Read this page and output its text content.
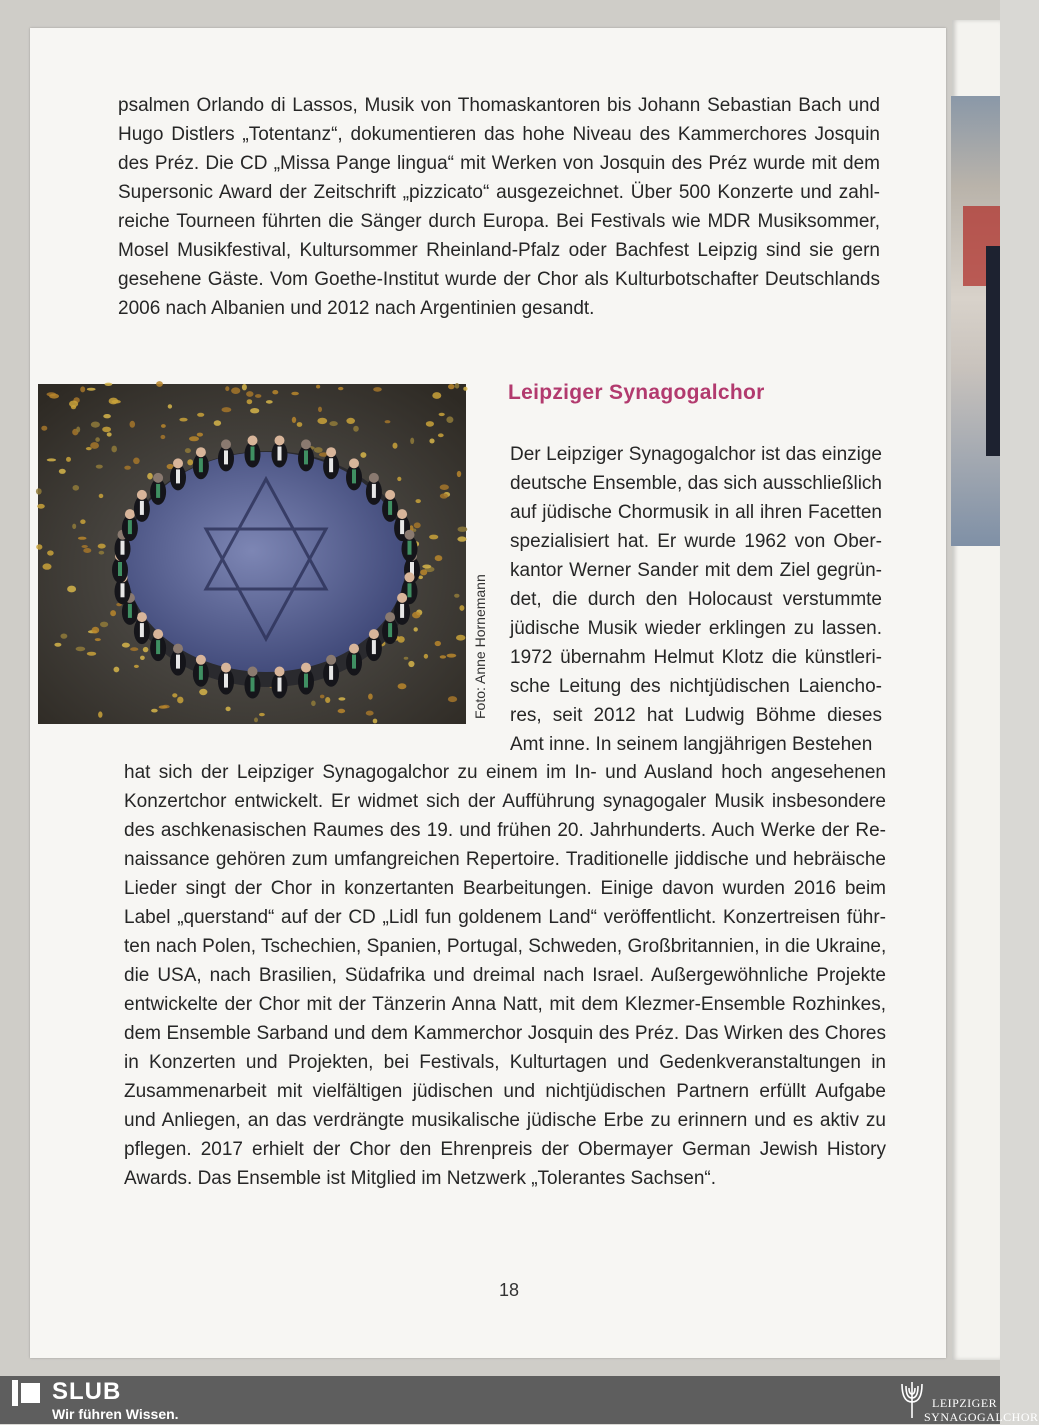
psalmen Orlando di Lassos, Musik von Thomaskantoren bis Johann Sebastian Bach und
Hugo Distlers „Totentanz“, dokumentieren das hohe Niveau des Kammerchores Josquin
des Préz. Die CD „Missa Pange lingua“ mit Werken von Josquin des Préz wurde mit dem
Supersonic Award der Zeitschrift „pizzicato“ ausgezeichnet. Über 500 Konzerte und zahl-
reiche Tourneen führten die Sänger durch Europa. Bei Festivals wie MDR Musiksommer,
Mosel Musikfestival, Kultursommer Rheinland-Pfalz oder Bachfest Leipzig sind sie gern
gesehene Gäste. Vom Goethe-Institut wurde der Chor als Kulturbotschafter Deutschlands
2006 nach Albanien und 2012 nach Argentinien gesandt.
Foto: Anne Hornemann
Leipziger Synagogalchor
Der Leipziger Synagogalchor ist das einzige
deutsche Ensemble, das sich ausschließlich
auf jüdische Chormusik in all ihren Facetten
spezialisiert hat. Er wurde 1962 von Ober-
kantor Werner Sander mit dem Ziel gegrün-
det, die durch den Holocaust verstummte
jüdische Musik wieder erklingen zu lassen.
1972 übernahm Helmut Klotz die künstleri-
sche Leitung des nichtjüdischen Laiencho-
res, seit 2012 hat Ludwig Böhme dieses
Amt inne. In seinem langjährigen Bestehen
hat sich der Leipziger Synagogalchor zu einem im In- und Ausland hoch angesehenen
Konzertchor entwickelt. Er widmet sich der Aufführung synagogaler Musik insbesondere
des aschkenasischen Raumes des 19. und frühen 20. Jahrhunderts. Auch Werke der Re-
naissance gehören zum umfangreichen Repertoire. Traditionelle jiddische und hebräische
Lieder singt der Chor in konzertanten Bearbeitungen. Einige davon wurden 2016 beim
Label „querstand“ auf der CD „Lidl fun goldenem Land“ veröffentlicht. Konzertreisen führ-
ten nach Polen, Tschechien, Spanien, Portugal, Schweden, Großbritannien, in die Ukraine,
die USA, nach Brasilien, Südafrika und dreimal nach Israel. Außergewöhnliche Projekte
entwickelte der Chor mit der Tänzerin Anna Natt, mit dem Klezmer-Ensemble Rozhinkes,
dem Ensemble Sarband und dem Kammerchor Josquin des Préz. Das Wirken des Chores
in Konzerten und Projekten, bei Festivals, Kulturtagen und Gedenkveranstaltungen in
Zusammenarbeit mit vielfältigen jüdischen und nichtjüdischen Partnern erfüllt Aufgabe
und Anliegen, an das verdrängte musikalische jüdische Erbe zu erinnern und es aktiv zu
pflegen. 2017 erhielt der Chor den Ehrenpreis der Obermayer German Jewish History
Awards. Das Ensemble ist Mitglied im Netzwerk „Tolerantes Sachsen“.
18
SLUB
Wir führen Wissen.
LEIPZIGER
SYNAGOGALCHOR
